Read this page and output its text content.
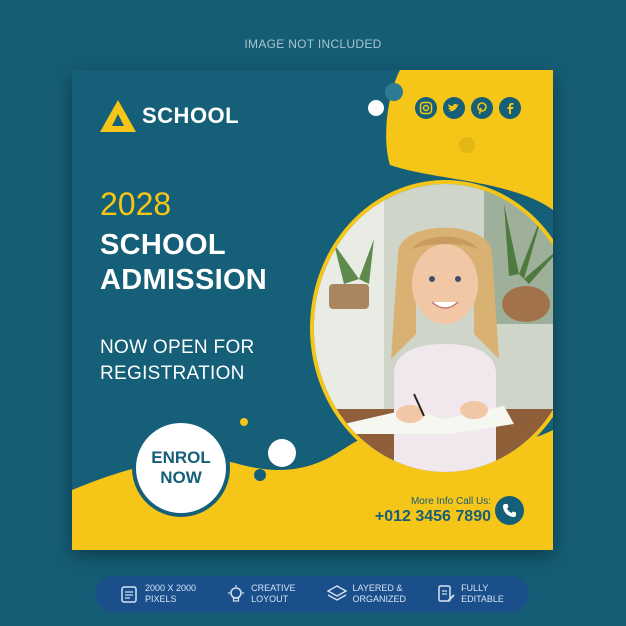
IMAGE NOT INCLUDED
SCHOOL
2028
SCHOOL
ADMISSION
NOW OPEN FOR
REGISTRATION
ENROL
NOW
More Info Call Us:
+012 3456 7890
2000 X 2000
PIXELS
CREATIVE
LOYOUT
LAYERED &
ORGANIZED
FULLY
EDITABLE
